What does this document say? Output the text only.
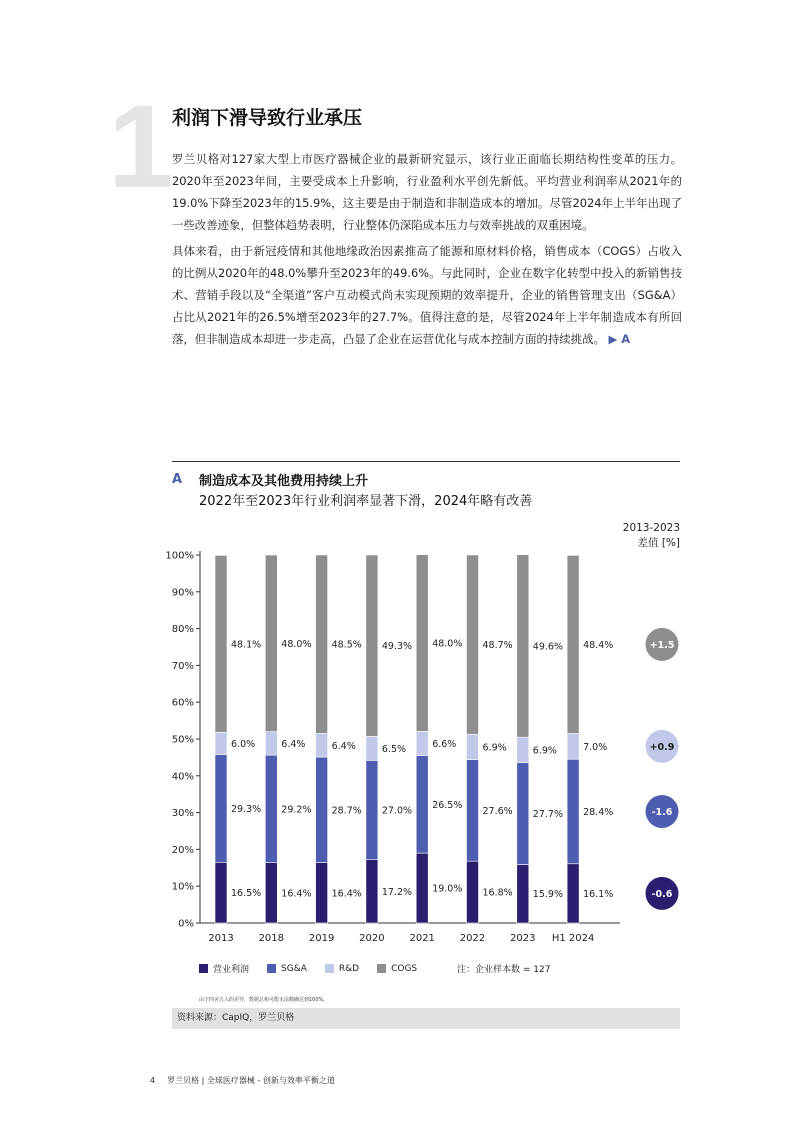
1
利润下滑导致行业承压

罗兰贝格对127家大型上市医疗器械企业的最新研究显示，该行业正面临长期结构性变革的压力。2020年至2023年间，主要受成本上升影响，行业盈利水平创先新低。平均营业利润率从2021年的19.0%下降至2023年的15.9%，这主要是由于制造和非制造成本的增加。尽管2024年上半年出现了一些改善迹象，但整体趋势表明，行业整体仍深陷成本压力与效率挑战的双重困境。

具体来看，由于新冠疫情和其他地缘政治因素推高了能源和原材料价格，销售成本（COGS）占收入的比例从2020年的48.0%攀升至2023年的49.6%。与此同时，企业在数字化转型中投入的新销售技术、营销手段以及“全渠道”客户互动模式尚未实现预期的效率提升，企业的销售管理支出（SG&A）占比从2021年的26.5%增至2023年的27.7%。值得注意的是，尽管2024年上半年制造成本有所回落，但非制造成本却进一步走高，凸显了企业在运营优化与成本控制方面的持续挑战。 ▶ A

A 制造成本及其他费用持续上升
2022年至2023年行业利润率显著下滑，2024年略有改善
2013-2023
差值 [%]
0%
10%
20%
30%
40%
50%
60%
70%
80%
90%
100%
16.5%
29.3%
6.0%
48.1%
2013
16.4%
29.2%
6.4%
48.0%
2018
16.4%
28.7%
6.4%
48.5%
2019
17.2%
27.0%
6.5%
49.3%
2020
19.0%
26.5%
6.6%
48.0%
2021
16.8%
27.6%
6.9%
48.7%
2022
15.9%
27.7%
6.9%
49.6%
2023
16.1%
28.4%
7.0%
48.4%
H1 2024
+1.5
+0.9
-1.6
-0.6
营业利润	SG&A	R&D	COGS	注：企业样本数 = 127
由于四舍五入的差异，数据总和可能无法精确达到100%。
资料来源：CapIQ，罗兰贝格
4 罗兰贝格 | 全球医疗器械 - 创新与效率平衡之道
